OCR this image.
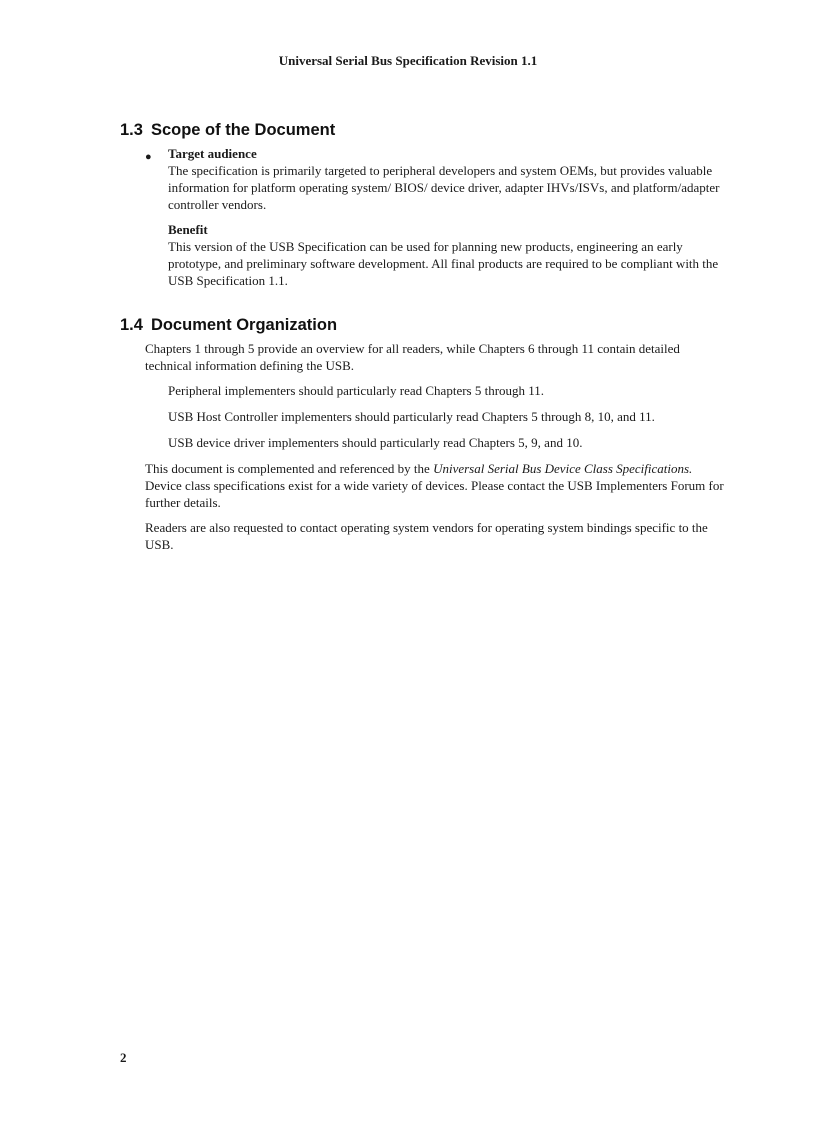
Universal Serial Bus Specification Revision 1.1
1.3 Scope of the Document
● Target audience
The specification is primarily targeted to peripheral developers and system OEMs, but provides valuable information for platform operating system/ BIOS/ device driver, adapter IHVs/ISVs, and platform/adapter controller vendors.
Benefit
This version of the USB Specification can be used for planning new products, engineering an early prototype, and preliminary software development. All final products are required to be compliant with the USB Specification 1.1.
1.4 Document Organization

Chapters 1 through 5 provide an overview for all readers, while Chapters 6 through 11 contain detailed technical information defining the USB.

Peripheral implementers should particularly read Chapters 5 through 11.

USB Host Controller implementers should particularly read Chapters 5 through 8, 10, and 11.

USB device driver implementers should particularly read Chapters 5, 9, and 10.

This document is complemented and referenced by the Universal Serial Bus Device Class Specifications. Device class specifications exist for a wide variety of devices. Please contact the USB Implementers Forum for further details.

Readers are also requested to contact operating system vendors for operating system bindings specific to the USB.

2
